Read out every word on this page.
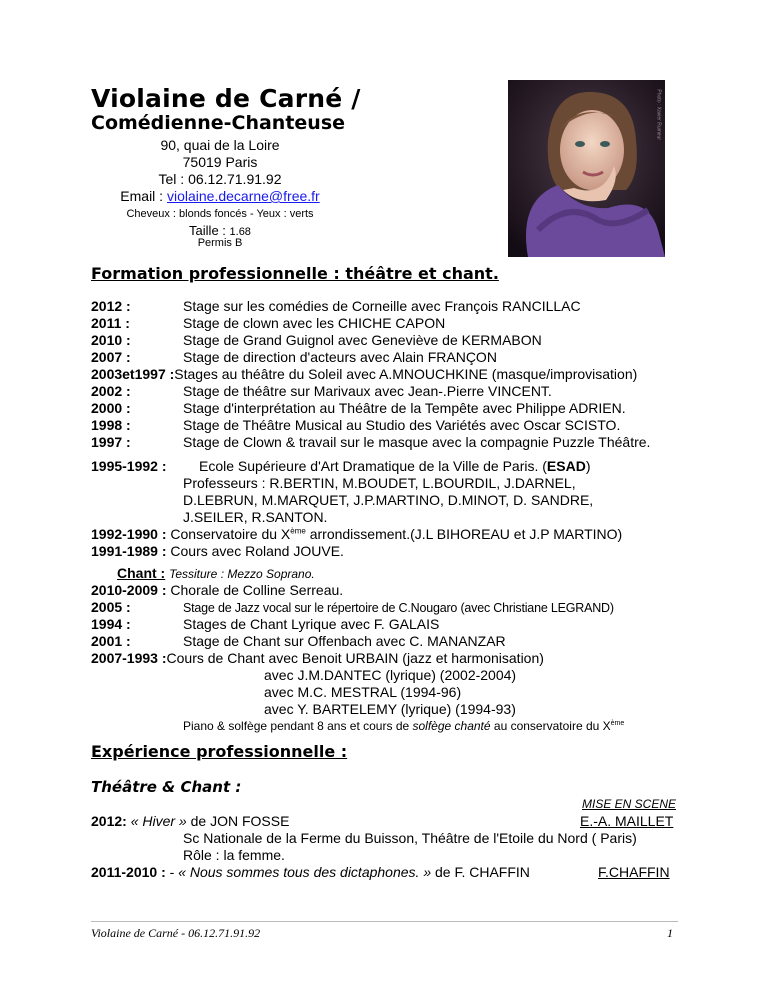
Violaine de Carné /
Comédienne-Chanteuse
90, quai de la Loire
75019 Paris
Tel : 06.12.71.91.92
Email : violaine.decarne@free.fr
Cheveux : blonds foncés - Yeux : verts
Taille : 1.68
Permis B
Photo : Xavier Rumeur
Formation professionnelle : théâtre et chant.
2012 :	Stage sur les comédies de Corneille avec François RANCILLAC
2011 :	Stage de clown avec les CHICHE CAPON
2010 :	Stage de Grand Guignol avec Geneviève de KERMABON
2007 :	Stage de direction d'acteurs avec Alain FRANÇON
2003et1997 :Stages au théâtre du Soleil avec A.MNOUCHKINE (masque/improvisation)
2002 :	Stage de théâtre sur Marivaux avec Jean-.Pierre VINCENT.
2000 :	Stage d'interprétation au Théâtre de la Tempête avec Philippe ADRIEN.
1998 :	Stage de Théâtre Musical au Studio des Variétés avec Oscar SCISTO.
1997 :	Stage de Clown & travail sur le masque avec la compagnie Puzzle Théâtre.
1995-1992 : Ecole Supérieure d'Art Dramatique de la Ville de Paris. (ESAD)
Professeurs : R.BERTIN, M.BOUDET, L.BOURDIL, J.DARNEL,
D.LEBRUN, M.MARQUET, J.P.MARTINO, D.MINOT, D. SANDRE,
J.SEILER, R.SANTON.
1992-1990 : Conservatoire du Xème arrondissement.(J.L BIHOREAU et J.P MARTINO)
1991-1989 : Cours avec Roland JOUVE.
Chant : Tessiture : Mezzo Soprano.
2010-2009 : Chorale de Colline Serreau.
2005 :	Stage de Jazz vocal sur le répertoire de C.Nougaro (avec Christiane LEGRAND)
1994 :	Stages de Chant Lyrique avec F. GALAIS
2001 :	Stage de Chant sur Offenbach avec C. MANANZAR
2007-1993 :Cours de Chant avec Benoit URBAIN (jazz et harmonisation)
avec J.M.DANTEC (lyrique) (2002-2004)
avec M.C. MESTRAL (1994-96)
avec Y. BARTELEMY (lyrique) (1994-93)
Piano & solfège pendant 8 ans et cours de solfège chanté au conservatoire du Xème
Expérience professionnelle :
Théâtre & Chant :
MISE EN SCENE
2012: « Hiver » de JON FOSSE	E.-A. MAILLET
Sc Nationale de la Ferme du Buisson, Théâtre de l'Etoile du Nord ( Paris)
Rôle : la femme.
2011-2010 : - « Nous sommes tous des dictaphones. » de F. CHAFFIN	F.CHAFFIN
Violaine de Carné - 06.12.71.91.92	1
